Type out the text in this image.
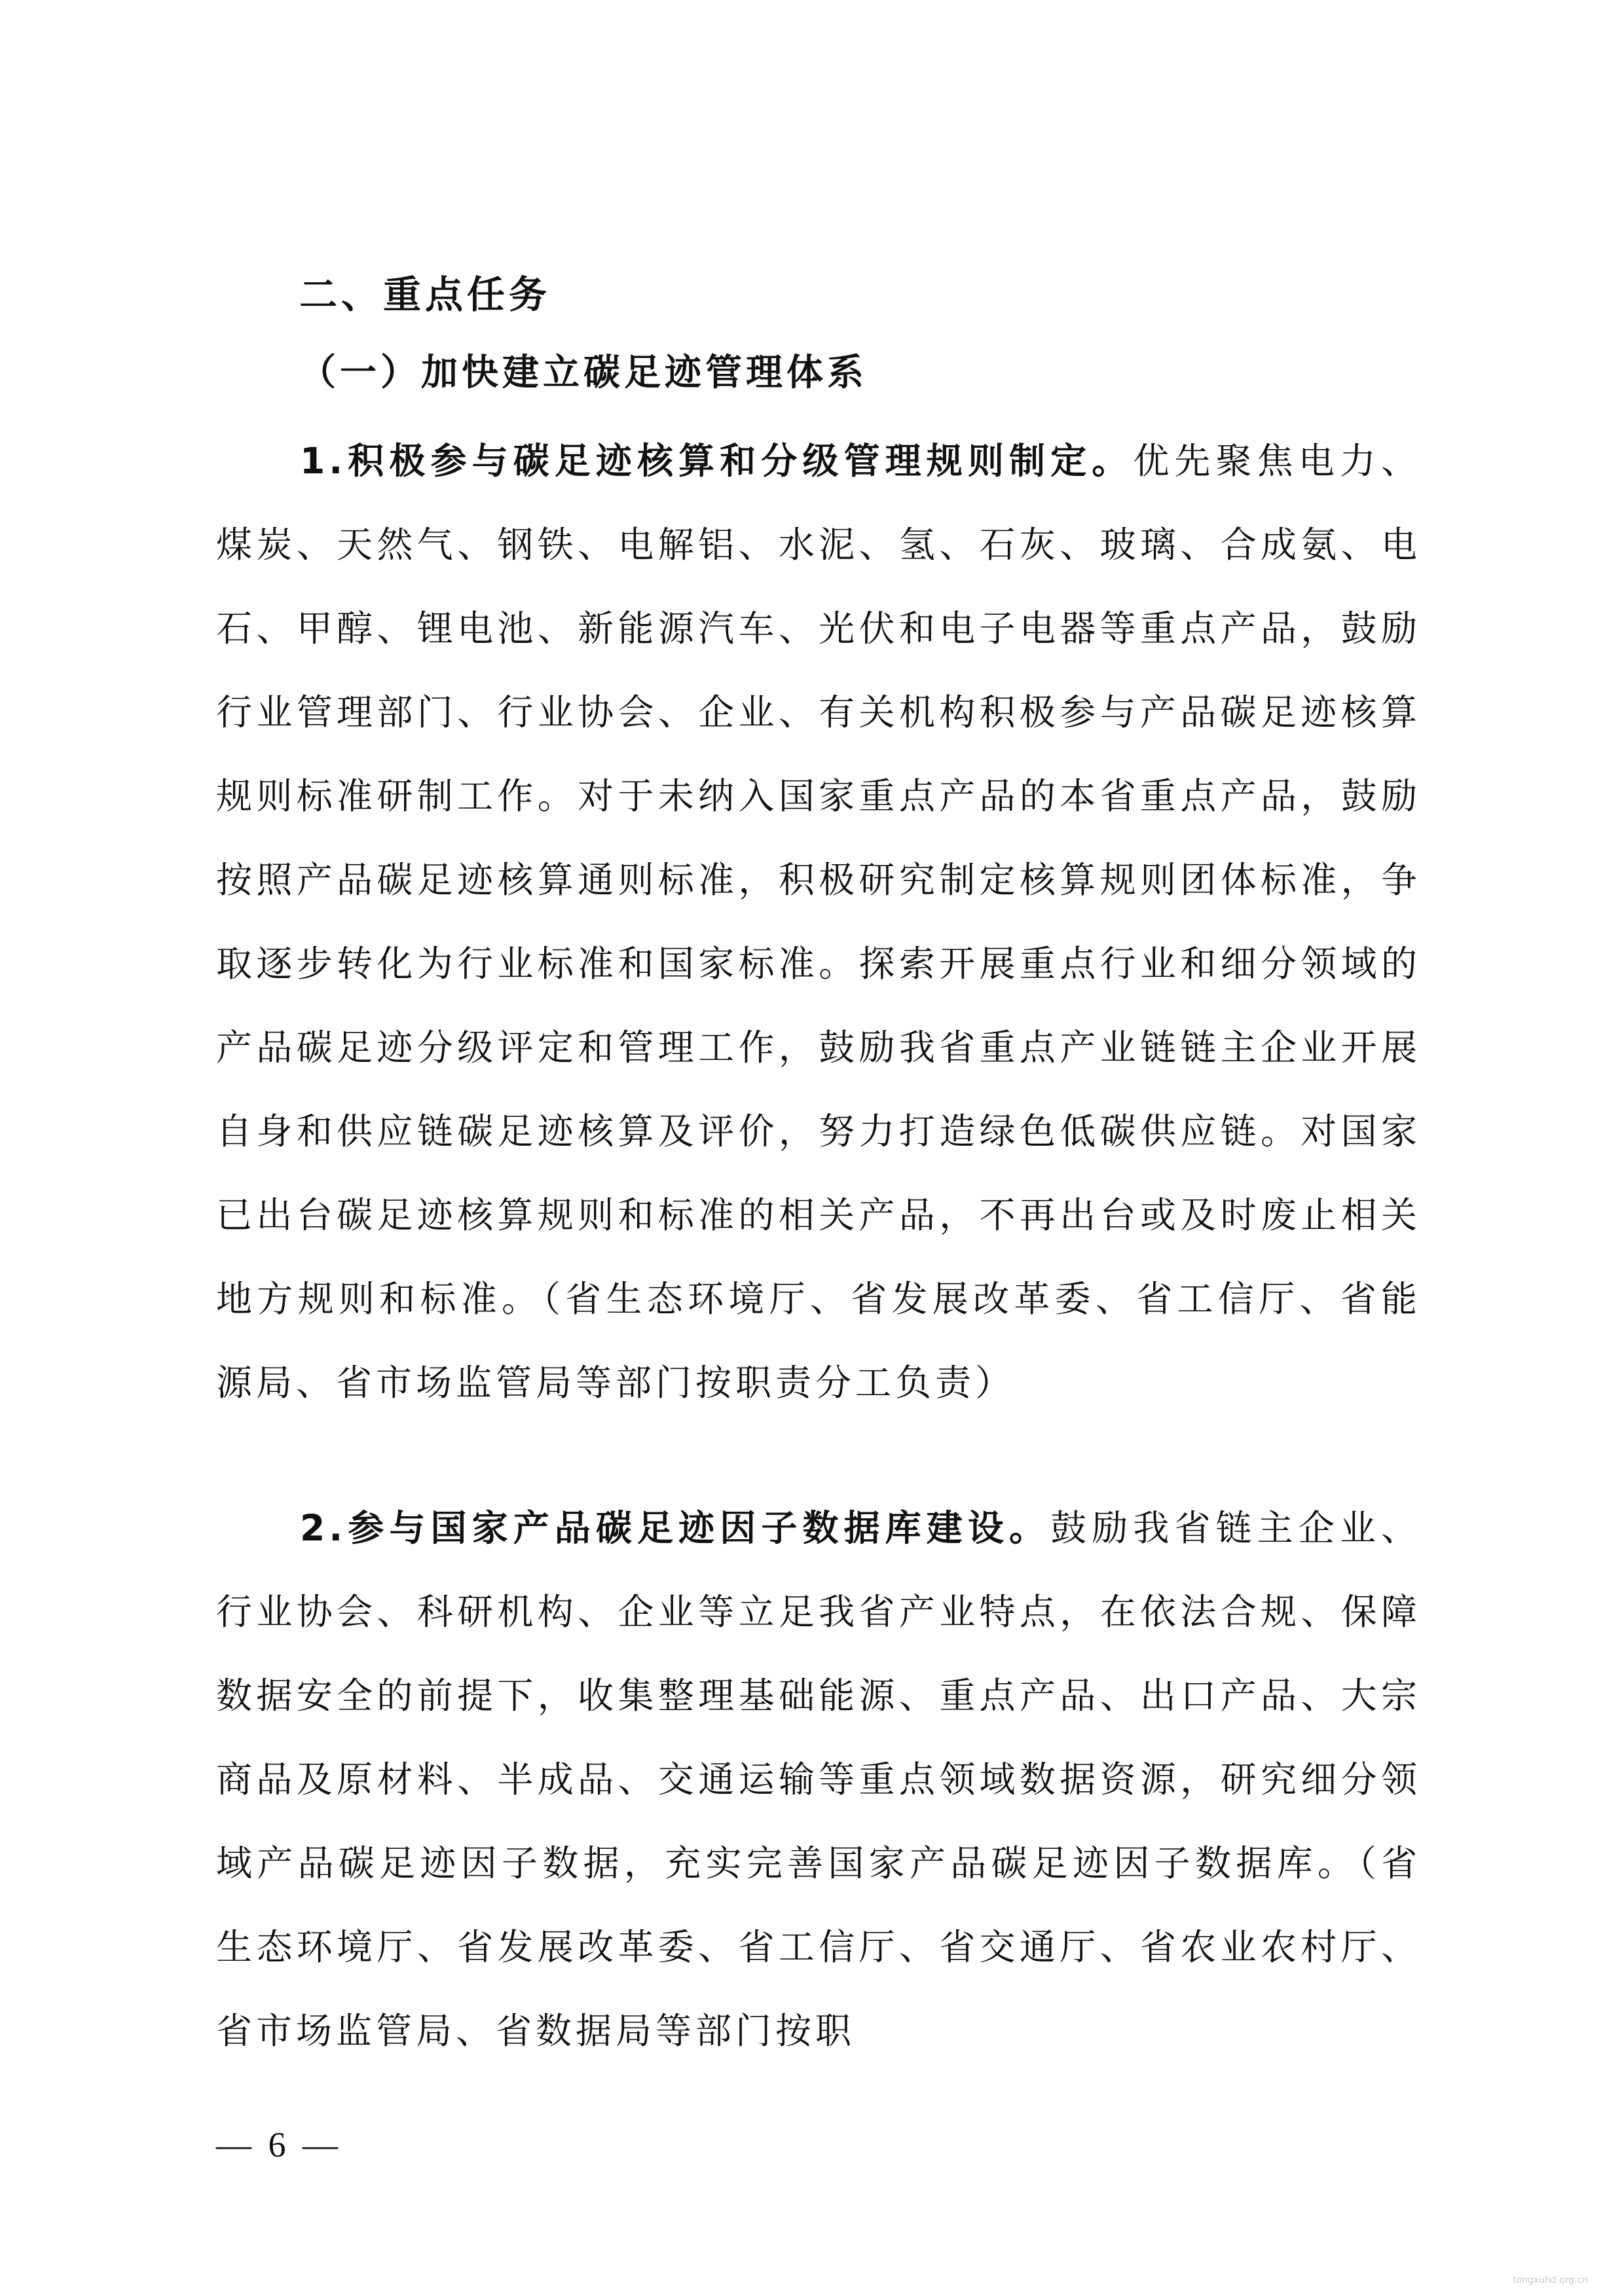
二、重点任务
（一）加快建立碳足迹管理体系
1.积极参与碳足迹核算和分级管理规则制定。优先聚焦电力、煤炭、天然气、钢铁、电解铝、水泥、氢、石灰、玻璃、合成氨、电石、甲醇、锂电池、新能源汽车、光伏和电子电器等重点产品，鼓励行业管理部门、行业协会、企业、有关机构积极参与产品碳足迹核算规则标准研制工作。对于未纳入国家重点产品的本省重点产品，鼓励按照产品碳足迹核算通则标准，积极研究制定核算规则团体标准，争取逐步转化为行业标准和国家标准。探索开展重点行业和细分领域的产品碳足迹分级评定和管理工作，鼓励我省重点产业链链主企业开展自身和供应链碳足迹核算及评价，努力打造绿色低碳供应链。对国家已出台碳足迹核算规则和标准的相关产品，不再出台或及时废止相关地方规则和标准。（省生态环境厅、省发展改革委、省工信厅、省能源局、省市场监管局等部门按职责分工负责）
2.参与国家产品碳足迹因子数据库建设。鼓励我省链主企业、行业协会、科研机构、企业等立足我省产业特点，在依法合规、保障数据安全的前提下，收集整理基础能源、重点产品、出口产品、大宗商品及原材料、半成品、交通运输等重点领域数据资源，研究细分领域产品碳足迹因子数据，充实完善国家产品碳足迹因子数据库。（省生态环境厅、省发展改革委、省工信厅、省交通厅、省农业农村厅、省市场监管局、省数据局等部门按职
— 6 —
tongxuhd.org.cn
